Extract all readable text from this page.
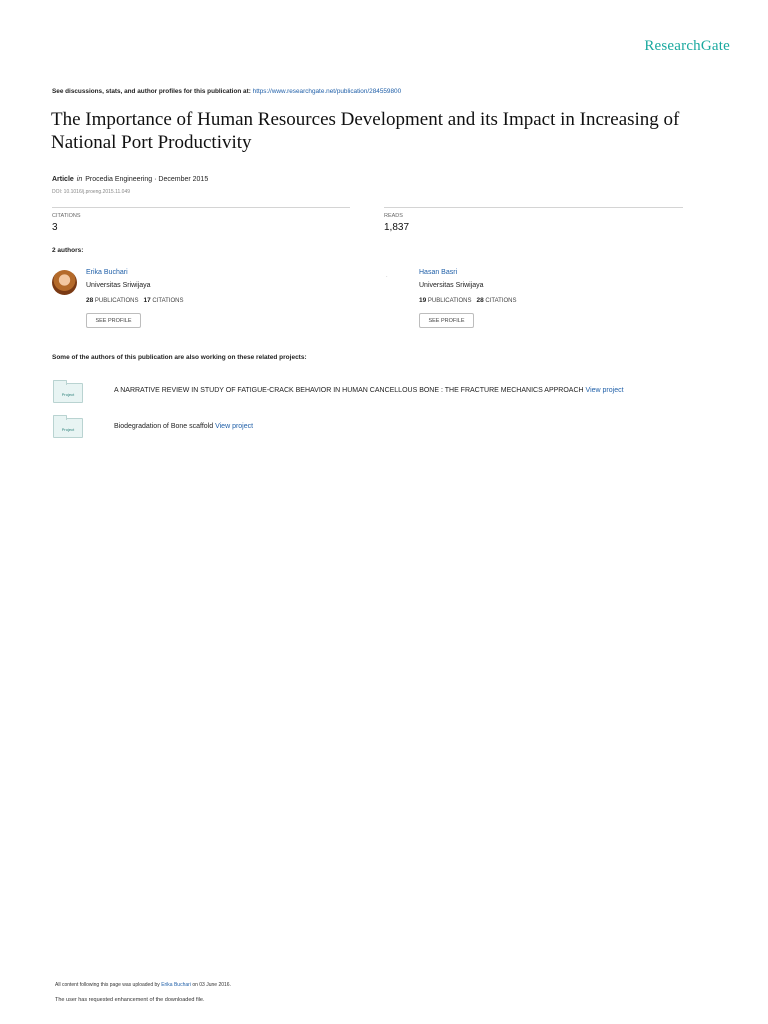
ResearchGate
See discussions, stats, and author profiles for this publication at: https://www.researchgate.net/publication/284559800
The Importance of Human Resources Development and its Impact in Increasing of National Port Productivity
Article in Procedia Engineering · December 2015
DOI: 10.1016/j.proeng.2015.11.049
CITATIONS
3
READS
1,837
2 authors:
Erika Buchari
Universitas Sriwijaya
28 PUBLICATIONS 17 CITATIONS
SEE PROFILE
·
Hasan Basri
Universitas Sriwijaya
19 PUBLICATIONS 28 CITATIONS
SEE PROFILE
Some of the authors of this publication are also working on these related projects:
Project
A NARRATIVE REVIEW IN STUDY OF FATIGUE-CRACK BEHAVIOR IN HUMAN CANCELLOUS BONE : THE FRACTURE MECHANICS APPROACH View project
Project	Biodegradation of Bone scaffold View project
All content following this page was uploaded by Erika Buchari on 03 June 2016.
The user has requested enhancement of the downloaded file.
